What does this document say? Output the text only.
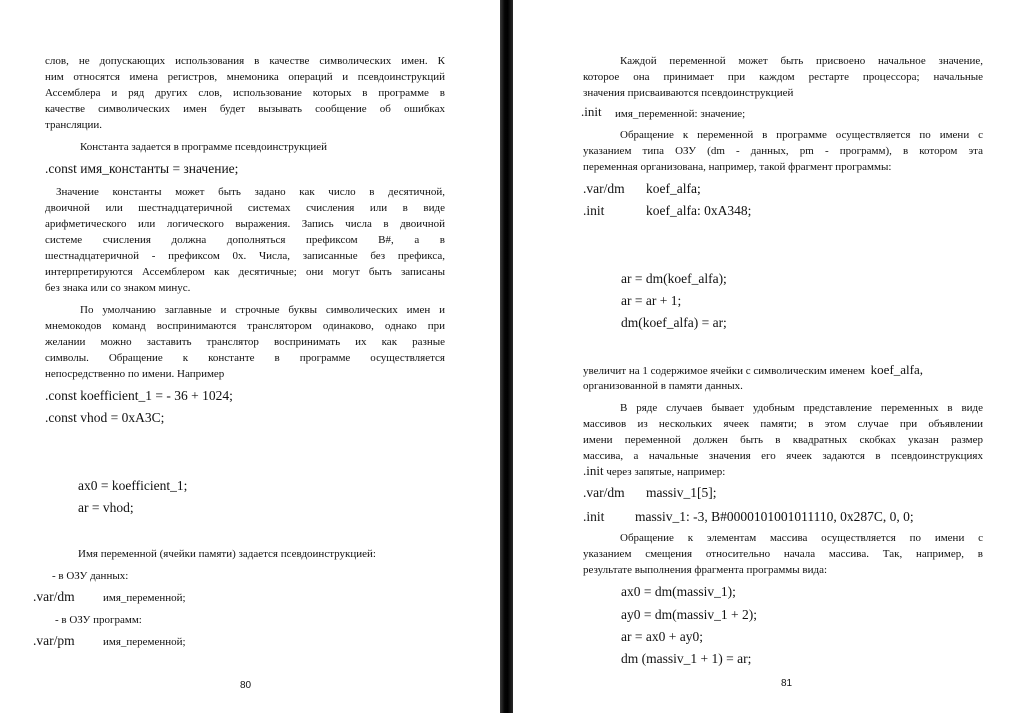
слов, не допускающих использования в качестве символических имен. К
ним относятся имена регистров, мнемоника операций и псевдоинструкций
Ассемблера и ряд других слов, использование которых в программе в
качестве символических имен будет вызывать сообщение об ошибках
трансляции.
Константа задается в программе псевдоинструкцией
.const имя_константы = значение;
Значение константы может быть задано как число в десятичной,
двоичной или шестнадцатеричной системах счисления или в виде
арифметического или логического выражения. Запись числа в двоичной
системе счисления должна дополняться префиксом B#, а в
шестнадцатеричной - префиксом 0x. Числа, записанные без префикса,
интерпретируются Ассемблером как десятичные; они могут быть записаны
без знака или со знаком минус.
По умолчанию заглавные и строчные буквы символических имен и
мнемокодов команд воспринимаются транслятором одинаково, однако при
желании можно заставить транслятор воспринимать их как разные
символы. Обращение к константе в программе осуществляется
непосредственно по имени. Например
.const koefficient_1 = - 36 + 1024;
.const vhod = 0xA3C;
ax0 = koefficient_1;
ar = vhod;
Имя переменной (ячейки памяти) задается псевдоинструкцией:
- в ОЗУ данных:
.var/dm	имя_переменной;
- в ОЗУ программ:
.var/pm	имя_переменной;
80
Каждой переменной может быть присвоено начальное значение,
которое она принимает при каждом рестарте процессора; начальные
значения присваиваются псевдоинструкцией
.init имя_переменной: значение;
Обращение к переменной в программе осуществляется по имени с
указанием типа ОЗУ (dm - данных, pm - программ), в котором эта
переменная организована, например, такой фрагмент программы:
.var/dm koef_alfa;
.init	koef_alfa: 0xA348;
ar = dm(koef_alfa);
ar = ar + 1;
dm(koef_alfa) = ar;
увеличит на 1 содержимое ячейки с символическим именем koef_alfa,
организованной в памяти данных.
В ряде случаев бывает удобным представление переменных в виде
массивов из нескольких ячеек памяти; в этом случае при объявлении
имени переменной должен быть в квадратных скобках указан размер
массива, а начальные значения его ячеек задаются в псевдоинструкциях
.init через запятые, например:
.var/dm massiv_1[5];
.init massiv_1: -3, B#0000101001011110, 0x287C, 0, 0;
Обращение к элементам массива осуществляется по имени с
указанием смещения относительно начала массива. Так, например, в
результате выполнения фрагмента программы вида:
ax0 = dm(massiv_1);
ay0 = dm(massiv_1 + 2);
ar = ax0 + ay0;
dm (massiv_1 + 1) = ar;
81
